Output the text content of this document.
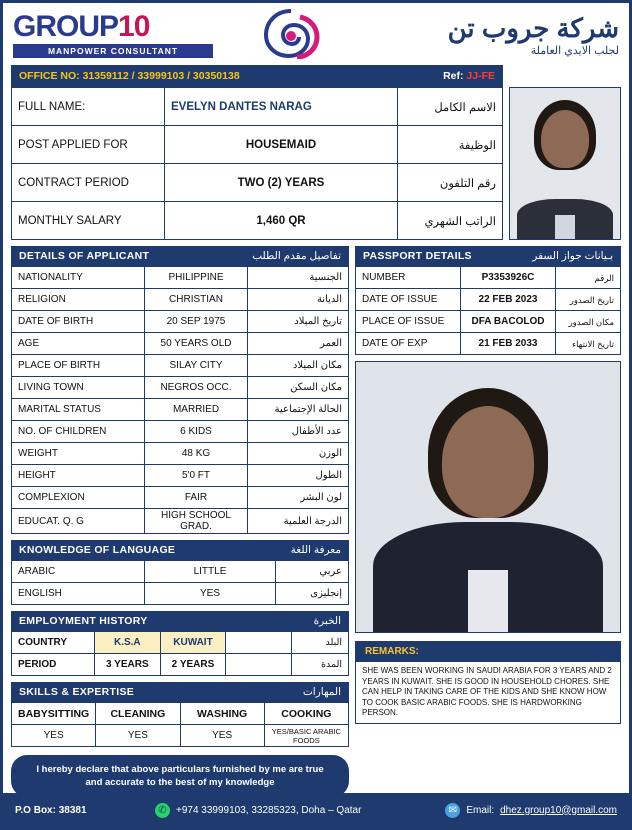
GROUP10
MANPOWER CONSULTANT
شركة جروب تن
لجلب الايدي العاملة
OFFICE NO: 31359112 / 33999103 / 30350138	Ref: JJ-FE
FULL NAME:	EVELYN DANTES NARAG	الاسم الكامل
POST APPLIED FOR	HOUSEMAID	الوظيفة
CONTRACT PERIOD	TWO (2) YEARS	رقم التلفون
MONTHLY SALARY	1,460 QR	الراتب الشهري
DETAILS OF APPLICANT	تفاصيل مقدم الطلب
NATIONALITY	PHILIPPINE	الجنسية
RELIGION	CHRISTIAN	الديانة
DATE OF BIRTH	20 SEP 1975	تاريخ الميلاد
AGE	50 YEARS OLD	العمر
PLACE OF BIRTH	SILAY CITY	مكان الميلاد
LIVING TOWN	NEGROS OCC.	مكان السكن
MARITAL STATUS	MARRIED	الحالة الإجتماعية
NO. OF CHILDREN	6 KIDS	عدد الأطفال
WEIGHT	48 KG	الوزن
HEIGHT	5'0 FT	الطول
COMPLEXION	FAIR	لون البشر
EDUCAT. Q. G	HIGH SCHOOL GRAD.	الدرجة العلمية
KNOWLEDGE OF LANGUAGE	معرفة اللغة
ARABIC	LITTLE	عربي
ENGLISH	YES	إنجليزى
EMPLOYMENT HISTORY	الخبرة
COUNTRY	K.S.A	KUWAIT		البلد
PERIOD	3 YEARS	2 YEARS		المدة
SKILLS & EXPERTISE	المهارات
BABYSITTING	CLEANING	WASHING	COOKING
YES	YES	YES	YES/BASIC ARABIC FOODS
I hereby declare that above particulars furnished by me are true and accurate to the best of my knowledge
PASSPORT DETAILS	بـيانات جواز السفر
NUMBER	P3353926C	الرقم
DATE OF ISSUE	22 FEB 2023	تاريخ الصدور
PLACE OF ISSUE	DFA BACOLOD	مكان الصدور
DATE OF EXP	21 FEB 2033	تاريخ الانتهاء
REMARKS:
SHE WAS BEEN WORKING IN SAUDI ARABIA FOR 3 YEARS AND 2 YEARS IN KUWAIT. SHE IS GOOD IN HOUSEHOLD CHORES. SHE CAN HELP IN TAKING CARE OF THE KIDS AND SHE KNOW HOW TO COOK BASIC ARABIC FOODS. SHE IS HARDWORKING PERSON.
P.O Box: 38381	✆ +974 33999103, 33285323, Doha – Qatar	✉ Email: dhez.group10@gmail.com
